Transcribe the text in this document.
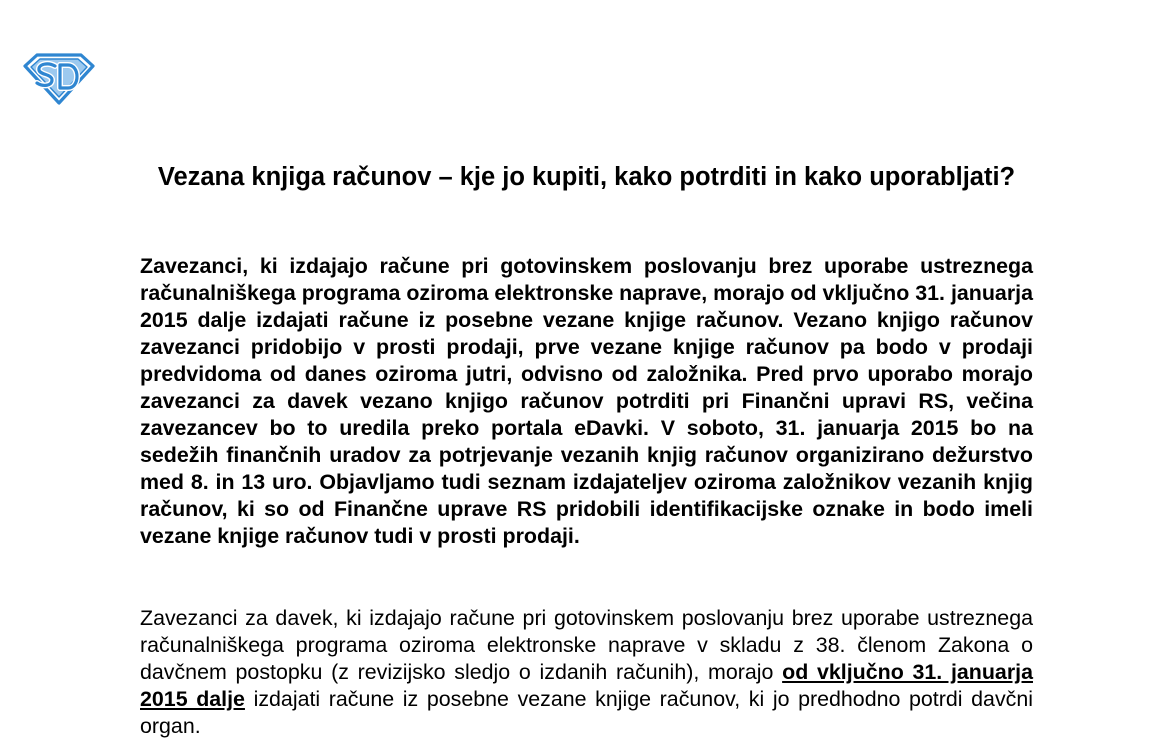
Vezana knjiga računov – kje jo kupiti, kako potrditi in kako uporabljati?

Zavezanci, ki izdajajo račune pri gotovinskem poslovanju brez uporabe ustreznega računalniškega programa oziroma elektronske naprave, morajo od vključno 31. januarja 2015 dalje izdajati račune iz posebne vezane knjige računov. Vezano knjigo računov zavezanci pridobijo v prosti prodaji, prve vezane knjige računov pa bodo v prodaji predvidoma od danes oziroma jutri, odvisno od založnika. Pred prvo uporabo morajo zavezanci za davek vezano knjigo računov potrditi pri Finančni upravi RS, večina zavezancev bo to uredila preko portala eDavki. V soboto, 31. januarja 2015 bo na sedežih finančnih uradov za potrjevanje vezanih knjig računov organizirano dežurstvo med 8. in 13 uro. Objavljamo tudi seznam izdajateljev oziroma založnikov vezanih knjig računov, ki so od Finančne uprave RS pridobili identifikacijske oznake in bodo imeli vezane knjige računov tudi v prosti prodaji.

Zavezanci za davek, ki izdajajo račune pri gotovinskem poslovanju brez uporabe ustreznega računalniškega programa oziroma elektronske naprave v skladu z 38. členom Zakona o davčnem postopku (z revizijsko sledjo o izdanih računih), morajo od vključno 31. januarja 2015 dalje izdajati račune iz posebne vezane knjige računov, ki jo predhodno potrdi davčni organ.
